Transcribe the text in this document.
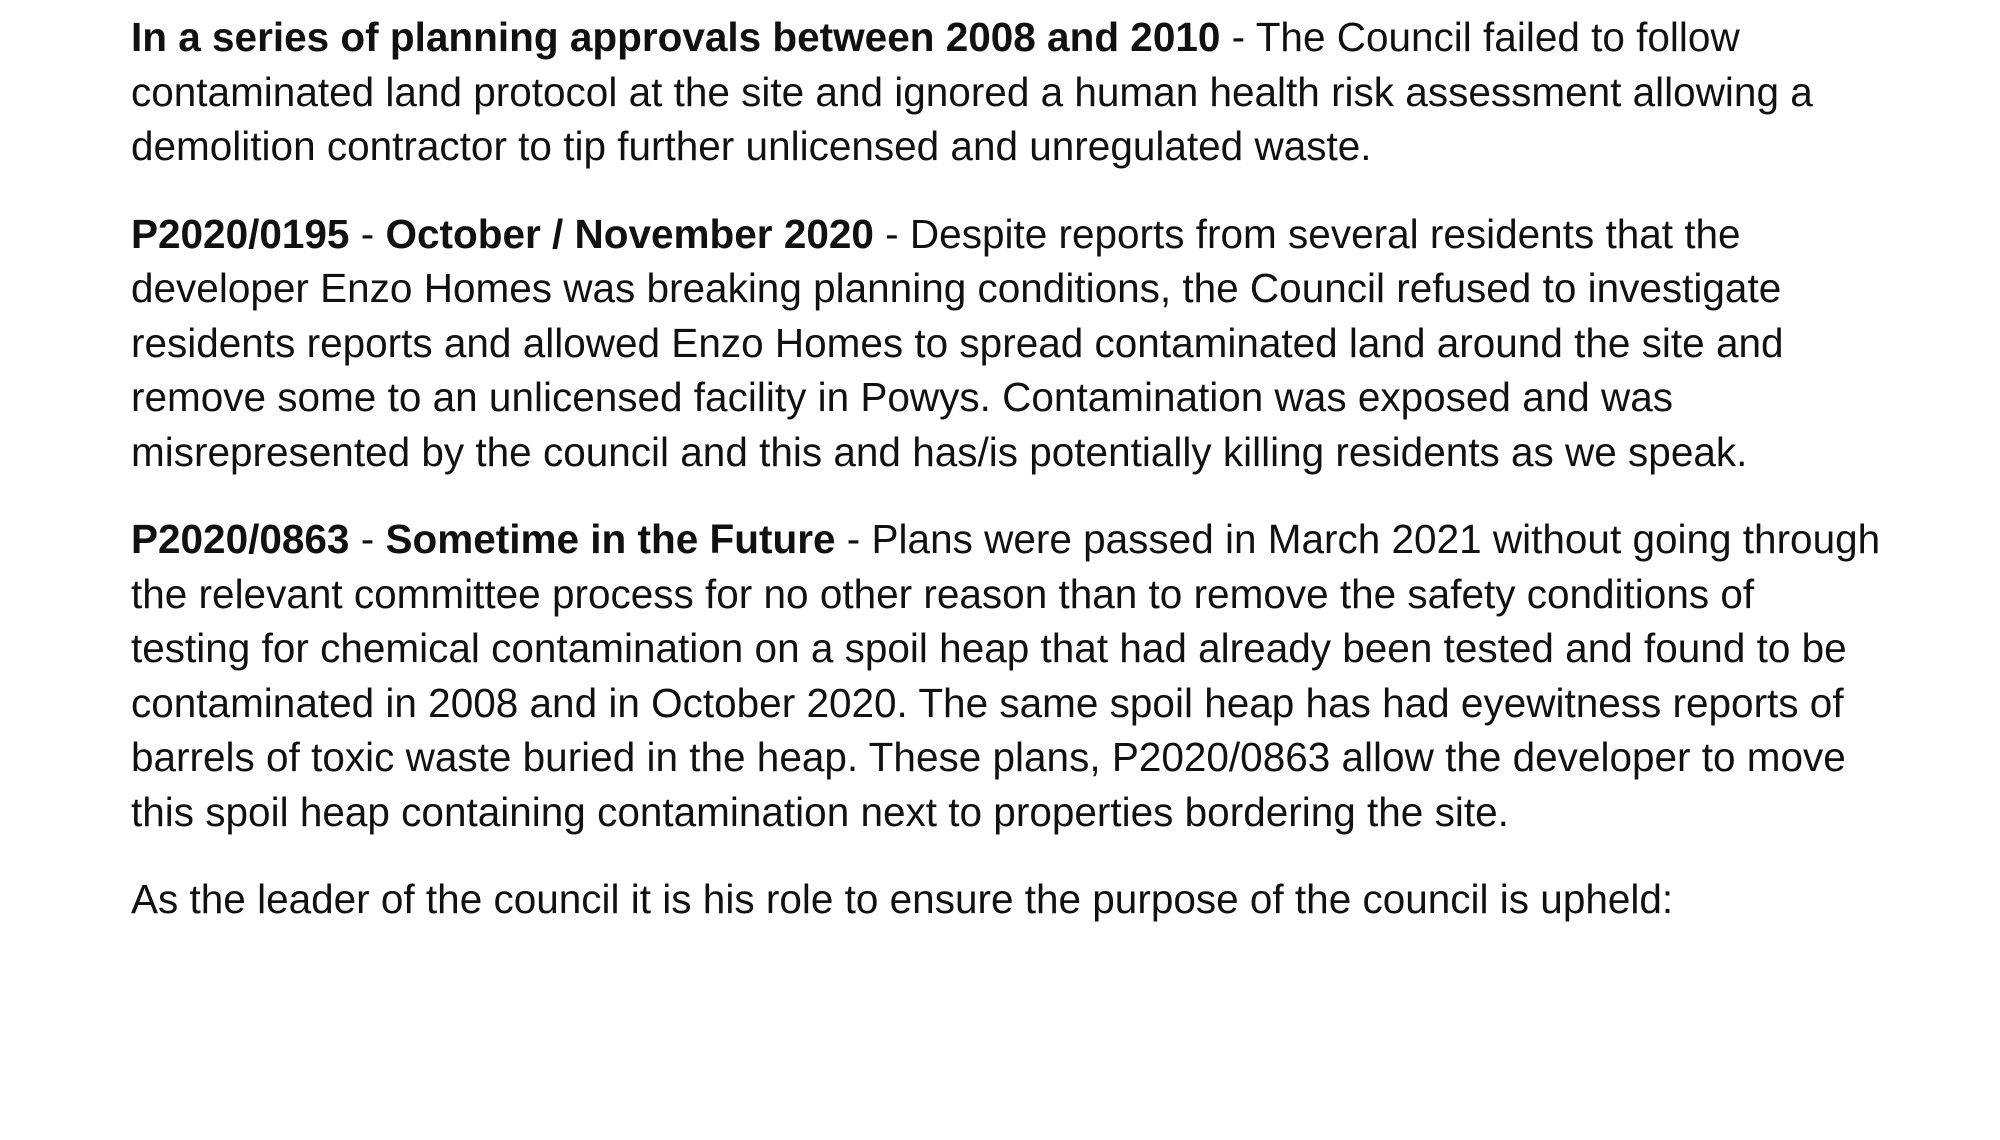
In a series of planning approvals between 2008 and 2010 - The Council failed to follow contaminated land protocol at the site and ignored a human health risk assessment allowing a demolition contractor to tip further unlicensed and unregulated waste.

P2020/0195 - October / November 2020 - Despite reports from several residents that the developer Enzo Homes was breaking planning conditions, the Council refused to investigate residents reports and allowed Enzo Homes to spread contaminated land around the site and remove some to an unlicensed facility in Powys. Contamination was exposed and was misrepresented by the council and this and has/is potentially killing residents as we speak.

P2020/0863 - Sometime in the Future - Plans were passed in March 2021 without going through the relevant committee process for no other reason than to remove the safety conditions of testing for chemical contamination on a spoil heap that had already been tested and found to be contaminated in 2008 and in October 2020. The same spoil heap has had eyewitness reports of barrels of toxic waste buried in the heap. These plans, P2020/0863 allow the developer to move this spoil heap containing contamination next to properties bordering the site.

As the leader of the council it is his role to ensure the purpose of the council is upheld:
